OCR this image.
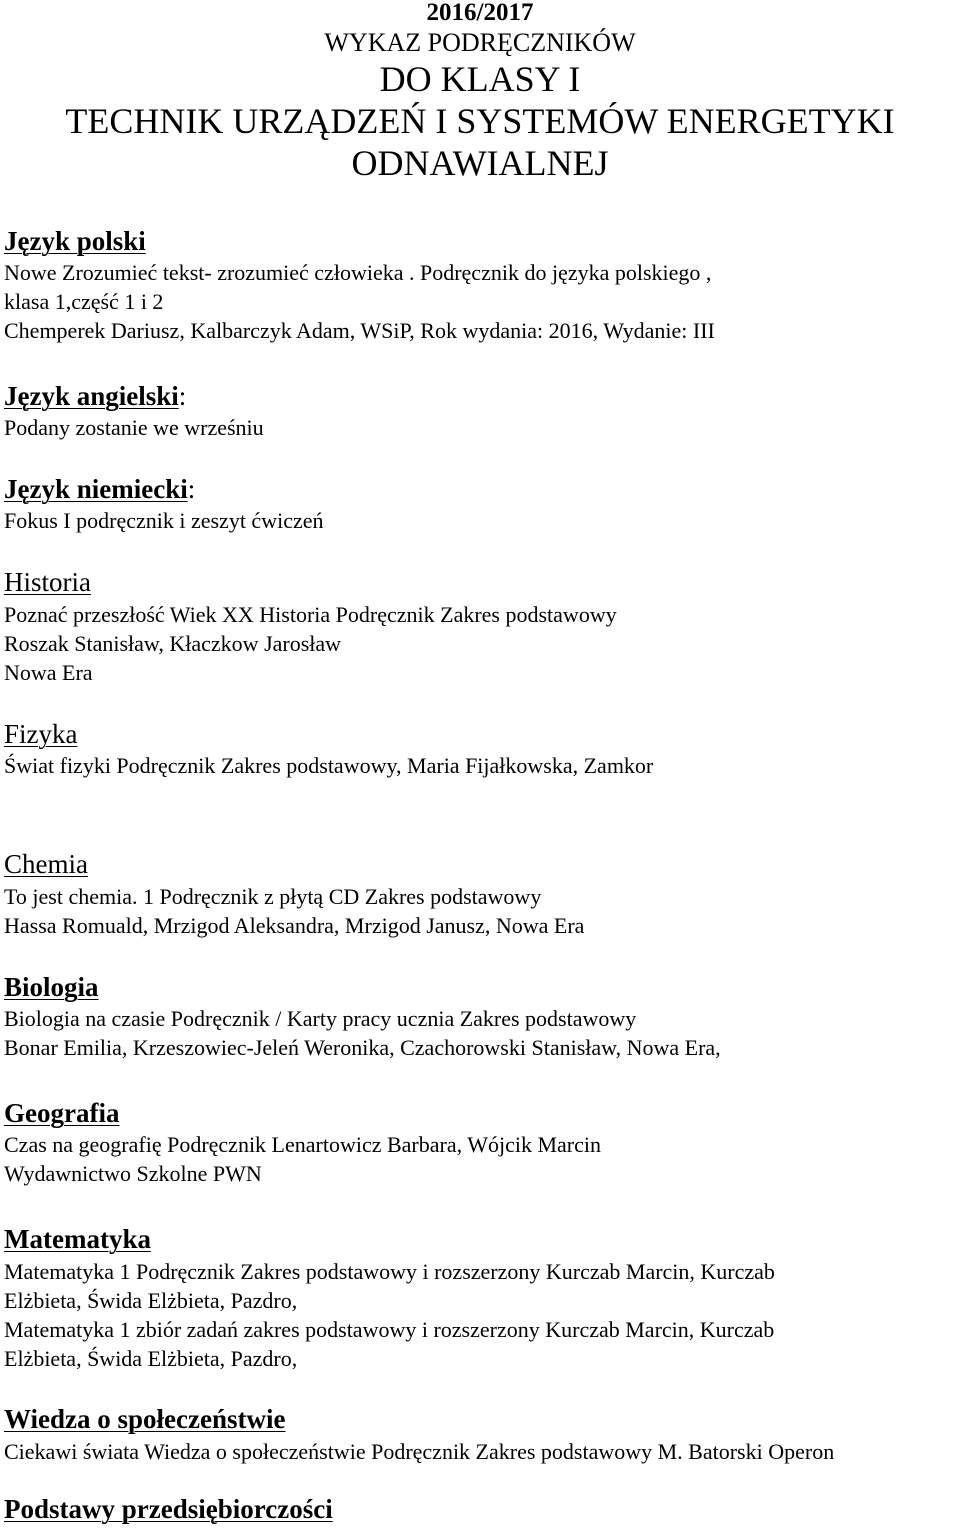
2016/2017
WYKAZ PODRĘCZNIKÓW
DO KLASY I
TECHNIK URZĄDZEŃ I SYSTEMÓW ENERGETYKI
ODNAWIALNEJ
Język polski
Nowe Zrozumieć tekst- zrozumieć człowieka . Podręcznik do języka polskiego ,
klasa 1,część 1 i 2
Chemperek Dariusz, Kalbarczyk Adam, WSiP, Rok wydania: 2016, Wydanie: III
Język angielski:
Podany zostanie we wrześniu
Język niemiecki:
Fokus I podręcznik i zeszyt ćwiczeń
Historia
Poznać przeszłość Wiek XX Historia Podręcznik Zakres podstawowy
Roszak Stanisław, Kłaczkow Jarosław
Nowa Era
Fizyka
Świat fizyki Podręcznik Zakres podstawowy, Maria Fijałkowska, Zamkor
Chemia
To jest chemia. 1 Podręcznik z płytą CD Zakres podstawowy
Hassa Romuald, Mrzigod Aleksandra, Mrzigod Janusz, Nowa Era
Biologia
Biologia na czasie Podręcznik / Karty pracy ucznia Zakres podstawowy
Bonar Emilia, Krzeszowiec-Jeleń Weronika, Czachorowski Stanisław, Nowa Era,
Geografia
Czas na geografię Podręcznik Lenartowicz Barbara, Wójcik Marcin
Wydawnictwo Szkolne PWN
Matematyka
Matematyka 1 Podręcznik Zakres podstawowy i rozszerzony Kurczab Marcin, Kurczab
Elżbieta, Świda Elżbieta, Pazdro,
Matematyka 1 zbiór zadań zakres podstawowy i rozszerzony Kurczab Marcin, Kurczab
Elżbieta, Świda Elżbieta, Pazdro,
Wiedza o społeczeństwie
Ciekawi świata Wiedza o społeczeństwie Podręcznik Zakres podstawowy M. Batorski Operon
Podstawy przedsiębiorczości
